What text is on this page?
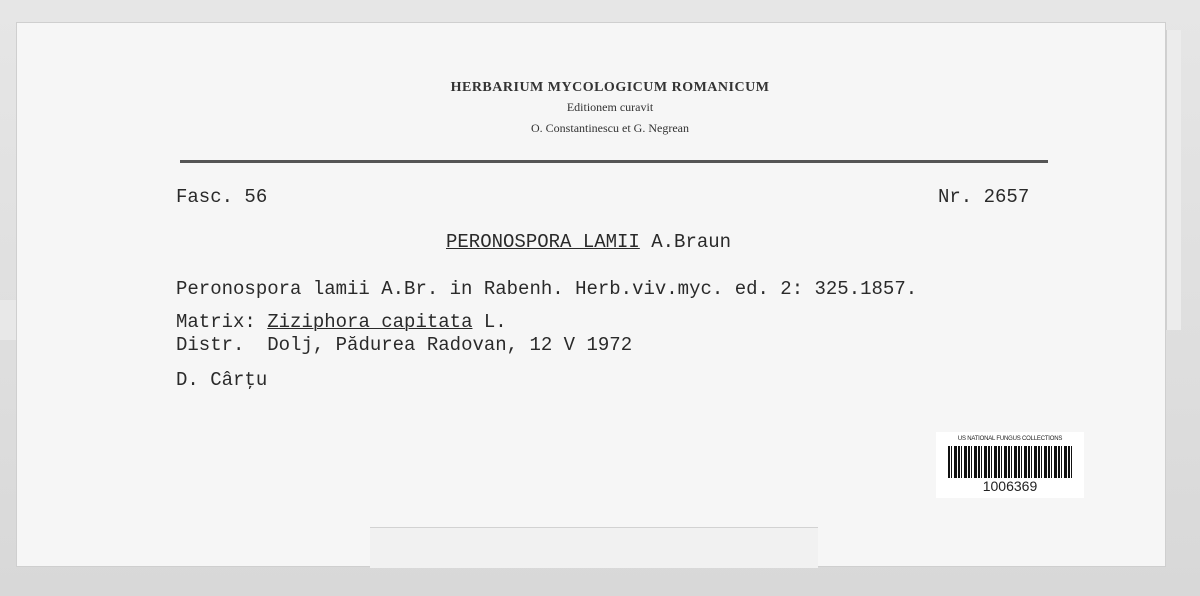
HERBARIUM MYCOLOGICUM ROMANICUM
Editionem curavit
O. Constantinescu et G. Negrean
Fasc. 56	Nr. 2657
PERONOSPORA LAMII A.Braun
Peronospora lamii A.Br. in Rabenh. Herb.viv.myc. ed. 2: 325.1857.
Matrix: Ziziphora capitata L.
Distr. Dolj, Pădurea Radovan, 12 V 1972
D. Cârţu
US NATIONAL FUNGUS COLLECTIONS
1006369
